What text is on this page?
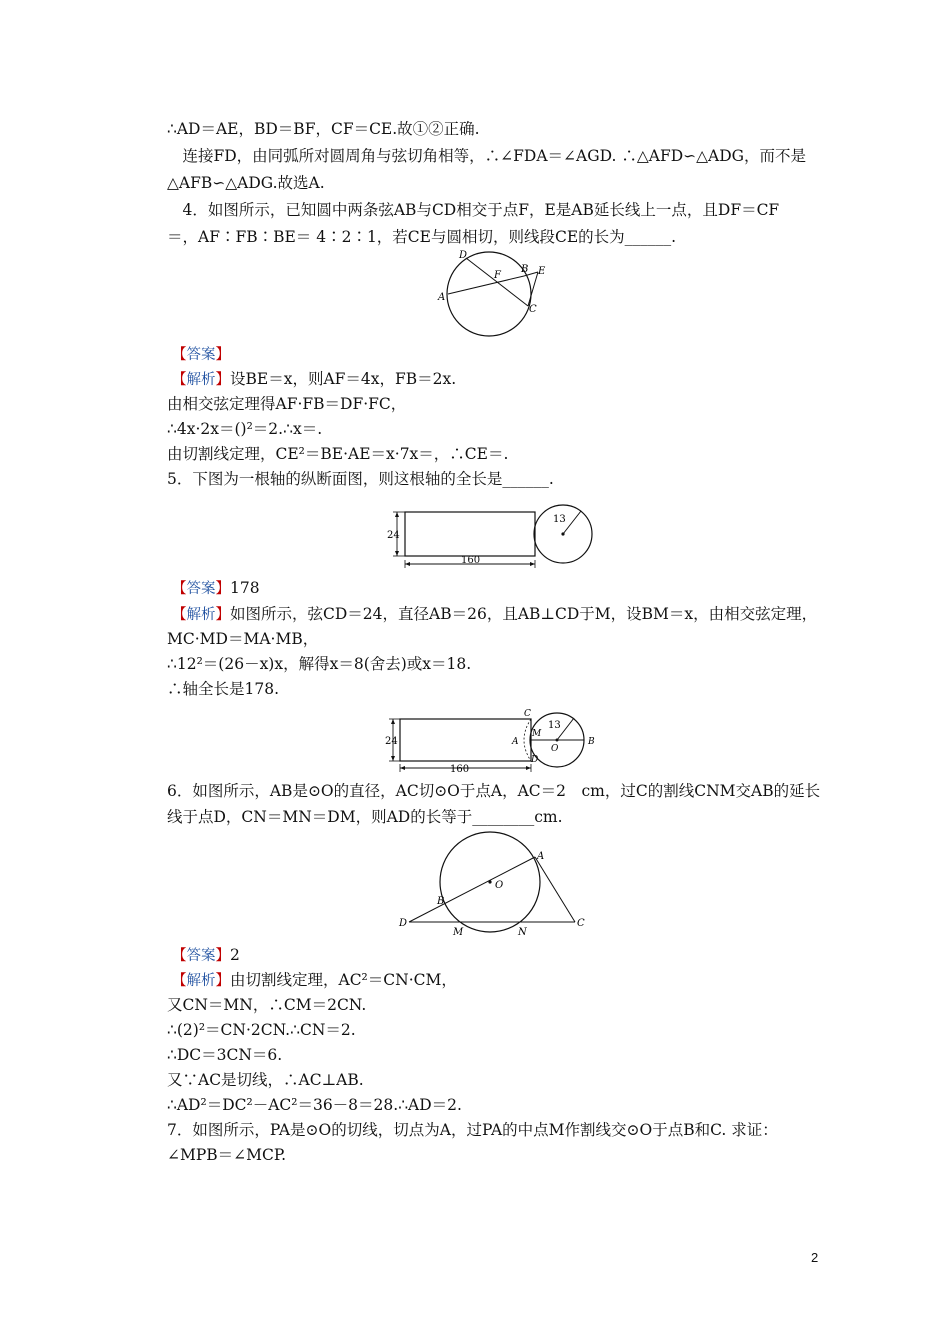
∴AD＝AE，BD＝BF，CF＝CE.故①②正确.
　连接FD，由同弧所对圆周角与弦切角相等，∴∠FDA＝∠AGD. ∴△AFD∽△ADG，而不是
△AFB∽△ADG.故选A.
　4．如图所示，已知圆中两条弦AB与CD相交于点F，E是AB延长线上一点，且DF＝CF
＝，AF∶FB∶BE＝ 4∶2∶1，若CE与圆相切，则线段CE的长为______.
D
F
B E
A
C
【答案】
【解析】设BE＝x，则AF＝4x，FB＝2x.
由相交弦定理得AF·FB＝DF·FC，
∴4x·2x＝()²＝2.∴x＝.
由切割线定理，CE²＝BE·AE＝x·7x＝，∴CE＝.
5．下图为一根轴的纵断面图，则这根轴的全长是______.
24
160
13
【答案】178
【解析】如图所示，弦CD＝24，直径AB＝26，且AB⊥CD于M，设BM＝x，由相交弦定理，
MC·MD＝MA·MB，
∴12²＝(26－x)x，解得x＝8(舍去)或x＝18.
∴轴全长是178.
24
160
13
C
M
A
O
B
D
6．如图所示，AB是⊙O的直径，AC切⊙O于点A，AC＝2　cm，过C的割线CNM交AB的延长
线于点D，CN＝MN＝DM，则AD的长等于________cm.
A
O
B
D
M	N
C
【答案】2
【解析】由切割线定理，AC²＝CN·CM，
又CN＝MN，∴CM＝2CN.
∴(2)²＝CN·2CN.∴CN＝2.
∴DC＝3CN＝6.
又∵AC是切线，∴AC⊥AB.
∴AD²＝DC²－AC²＝36－8＝28.∴AD＝2.
7．如图所示，PA是⊙O的切线，切点为A，过PA的中点M作割线交⊙O于点B和C. 求证：
∠MPB＝∠MCP.
2
